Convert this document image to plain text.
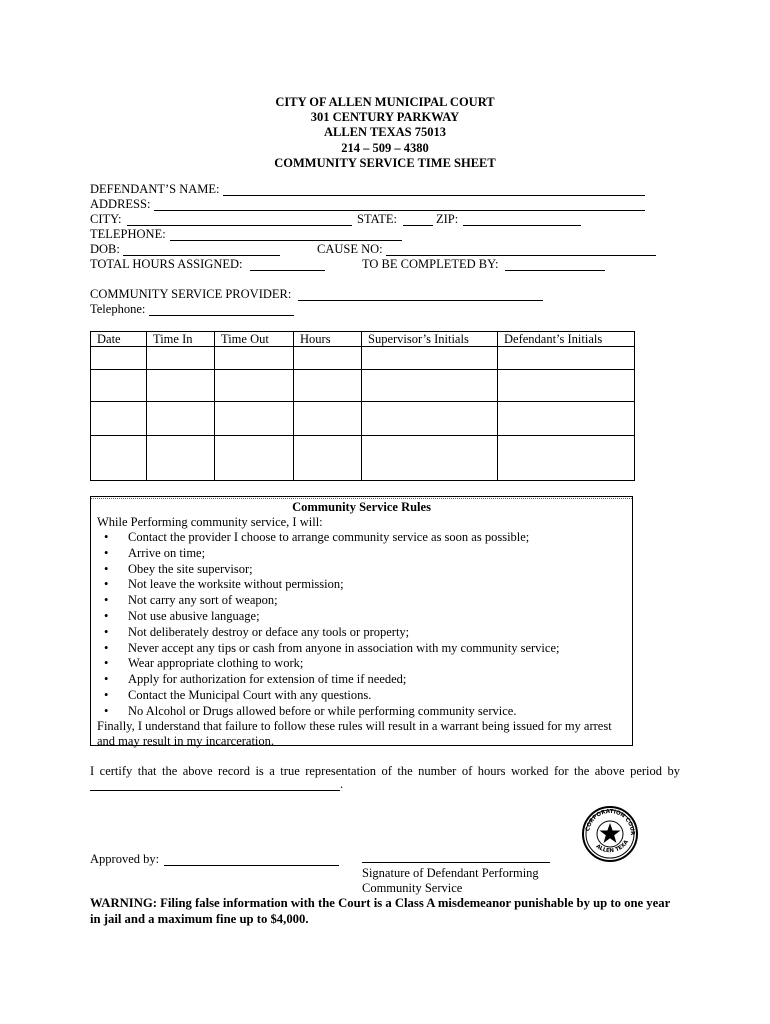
CITY OF ALLEN MUNICIPAL COURT
301 CENTURY PARKWAY
ALLEN TEXAS 75013
214 – 509 – 4380
COMMUNITY SERVICE TIME SHEET
DEFENDANT’S NAME:
ADDRESS:
CITY:	STATE:	ZIP:
TELEPHONE:
DOB:	CAUSE NO:
TOTAL HOURS ASSIGNED:	TO BE COMPLETED BY:
COMMUNITY SERVICE PROVIDER:
Telephone:
Date	Time In	Time Out	Hours	Supervisor’s Initials	Defendant’s Initials

Community Service Rules
While Performing community service, I will:
• Contact the provider I choose to arrange community service as soon as possible;
• Arrive on time;
• Obey the site supervisor;
• Not leave the worksite without permission;
• Not carry any sort of weapon;
• Not use abusive language;
• Not deliberately destroy or deface any tools or property;
• Never accept any tips or cash from anyone in association with my community service;
• Wear appropriate clothing to work;
• Apply for authorization for extension of time if needed;
• Contact the Municipal Court with any questions.
• No Alcohol or Drugs allowed before or while performing community service.
Finally, I understand that failure to follow these rules will result in a warrant being issued for my arrest
and may result in my incarceration.
I certify that the above record is a true representation of the number of hours worked for the above period by
.
CORPORATION COUR
ALLEN TEXA
Approved by:
Signature of Defendant Performing
Community Service
WARNING: Filing false information with the Court is a Class A misdemeanor punishable by up to one year
in jail and a maximum fine up to $4,000.
